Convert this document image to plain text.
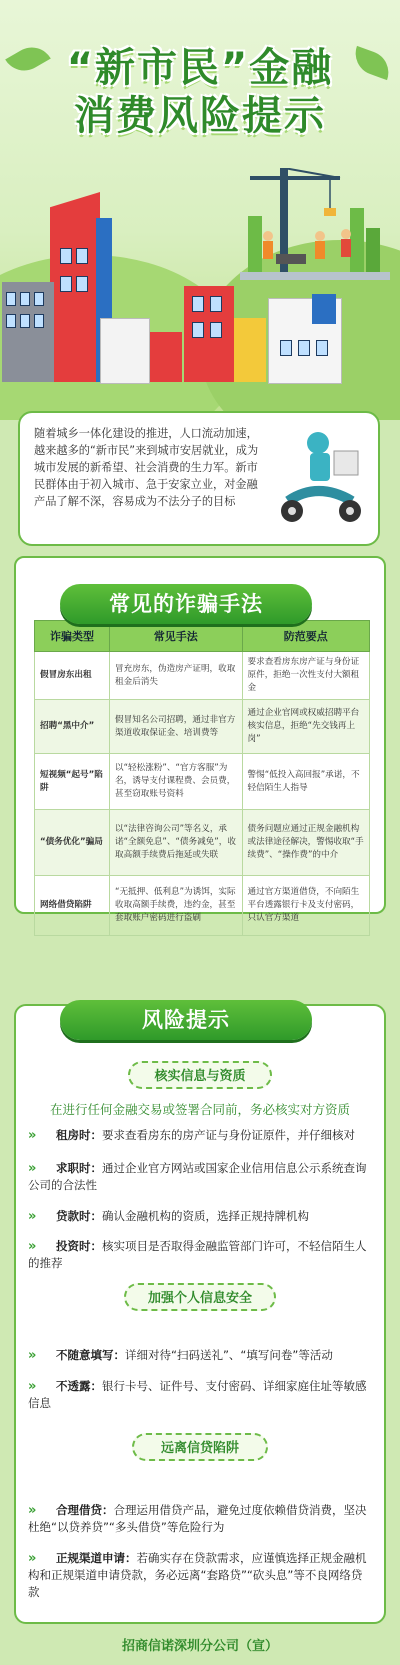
“新市民”金融
消费风险提示
随着城乡一体化建设的推进，人口流动加速，越来越多的“新市民”来到城市安居就业，成为城市发展的新希望、社会消费的生力军。新市民群体由于初入城市、急于安家立业，对金融产品了解不深，容易成为不法分子的目标
诈骗类型	常见手法	防范要点
假冒房东出租	冒充房东，伪造房产证明，收取租金后消失	要求查看房东房产证与身份证原件，拒绝一次性支付大额租金
招聘“黑中介”	假冒知名公司招聘，通过非官方渠道收取保证金、培训费等	通过企业官网或权威招聘平台核实信息，拒绝“先交钱再上岗”
短视频“起号”陷阱	以“轻松涨粉”、“官方客服”为名，诱导支付课程费、会员费，甚至窃取账号资料	警惕“低投入高回报”承诺，不轻信陌生人指导
“债务优化”骗局	以“法律咨询公司”等名义，承诺“全额免息”、“债务减免”，收取高额手续费后拖延或失联	债务问题应通过正规金融机构或法律途径解决，警惕收取“手续费”、“操作费”的中介
网络借贷陷阱	“无抵押、低利息”为诱饵，实际收取高额手续费，违约金，甚至套取账户密码进行盗刷	通过官方渠道借贷，不向陌生平台透露银行卡及支付密码，只认官方渠道
常见的诈骗手法
风险提示
核实信息与资质
在进行任何金融交易或签署合同前，务必核实对方资质
» 租房时：要求查看房东的房产证与身份证原件，并仔细核对
» 求职时：通过企业官方网站或国家企业信用信息公示系统查询公司的合法性
» 贷款时：确认金融机构的资质，选择正规持牌机构
» 投资时：核实项目是否取得金融监管部门许可，不轻信陌生人的推荐
加强个人信息安全
» 不随意填写：详细对待“扫码送礼”、“填写问卷”等活动
» 不透露：银行卡号、证件号、支付密码、详细家庭住址等敏感信息
远离信贷陷阱
» 合理借贷：合理运用借贷产品，避免过度依赖借贷消费，坚决杜绝“以贷养贷”“多头借贷”等危险行为
» 正规渠道申请：若确实存在贷款需求，应谨慎选择正规金融机构和正规渠道申请贷款，务必远离“套路贷”“砍头息”等不良网络贷款
招商信诺深圳分公司（宣）
